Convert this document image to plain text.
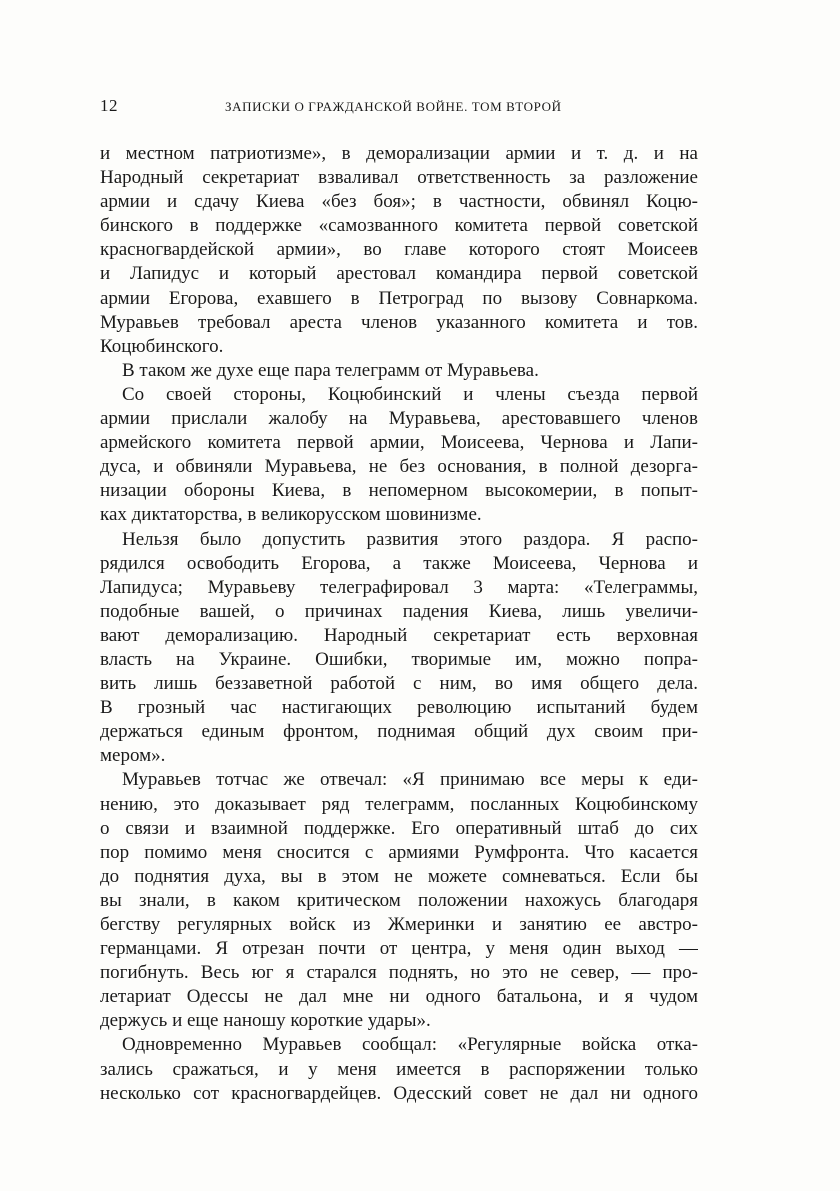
12	ЗАПИСКИ О ГРАЖДАНСКОЙ ВОЙНЕ. ТОМ ВТОРОЙ
и местном патриотизме», в деморализации армии и т. д. и на
Народный секретариат взваливал ответственность за разложение
армии и сдачу Киева «без боя»; в частности, обвинял Коцю-
бинского в поддержке «самозванного комитета первой советской
красногвардейской армии», во главе которого стоят Моисеев
и Лапидус и который арестовал командира первой советской
армии Егорова, ехавшего в Петроград по вызову Совнаркома.
Муравьев требовал ареста членов указанного комитета и тов.
Коцюбинского.
В таком же духе еще пара телеграмм от Муравьева.
Со своей стороны, Коцюбинский и члены съезда первой
армии прислали жалобу на Муравьева, арестовавшего членов
армейского комитета первой армии, Моисеева, Чернова и Лапи-
дуса, и обвиняли Муравьева, не без основания, в полной дезорга-
низации обороны Киева, в непомерном высокомерии, в попыт-
ках диктаторства, в великорусском шовинизме.
Нельзя было допустить развития этого раздора. Я распо-
рядился освободить Егорова, а также Моисеева, Чернова и
Лапидуса; Муравьеву телеграфировал 3 марта: «Телеграммы,
подобные вашей, о причинах падения Киева, лишь увеличи-
вают деморализацию. Народный секретариат есть верховная
власть на Украине. Ошибки, творимые им, можно попра-
вить лишь беззаветной работой с ним, во имя общего дела.
В грозный час настигающих революцию испытаний будем
держаться единым фронтом, поднимая общий дух своим при-
мером».
Муравьев тотчас же отвечал: «Я принимаю все меры к еди-
нению, это доказывает ряд телеграмм, посланных Коцюбинскому
о связи и взаимной поддержке. Его оперативный штаб до сих
пор помимо меня сносится с армиями Румфронта. Что касается
до поднятия духа, вы в этом не можете сомневаться. Если бы
вы знали, в каком критическом положении нахожусь благодаря
бегству регулярных войск из Жмеринки и занятию ее австро-
германцами. Я отрезан почти от центра, у меня один выход —
погибнуть. Весь юг я старался поднять, но это не север, — про-
летариат Одессы не дал мне ни одного батальона, и я чудом
держусь и еще наношу короткие удары».
Одновременно Муравьев сообщал: «Регулярные войска отка-
зались сражаться, и у меня имеется в распоряжении только
несколько сот красногвардейцев. Одесский совет не дал ни одного
